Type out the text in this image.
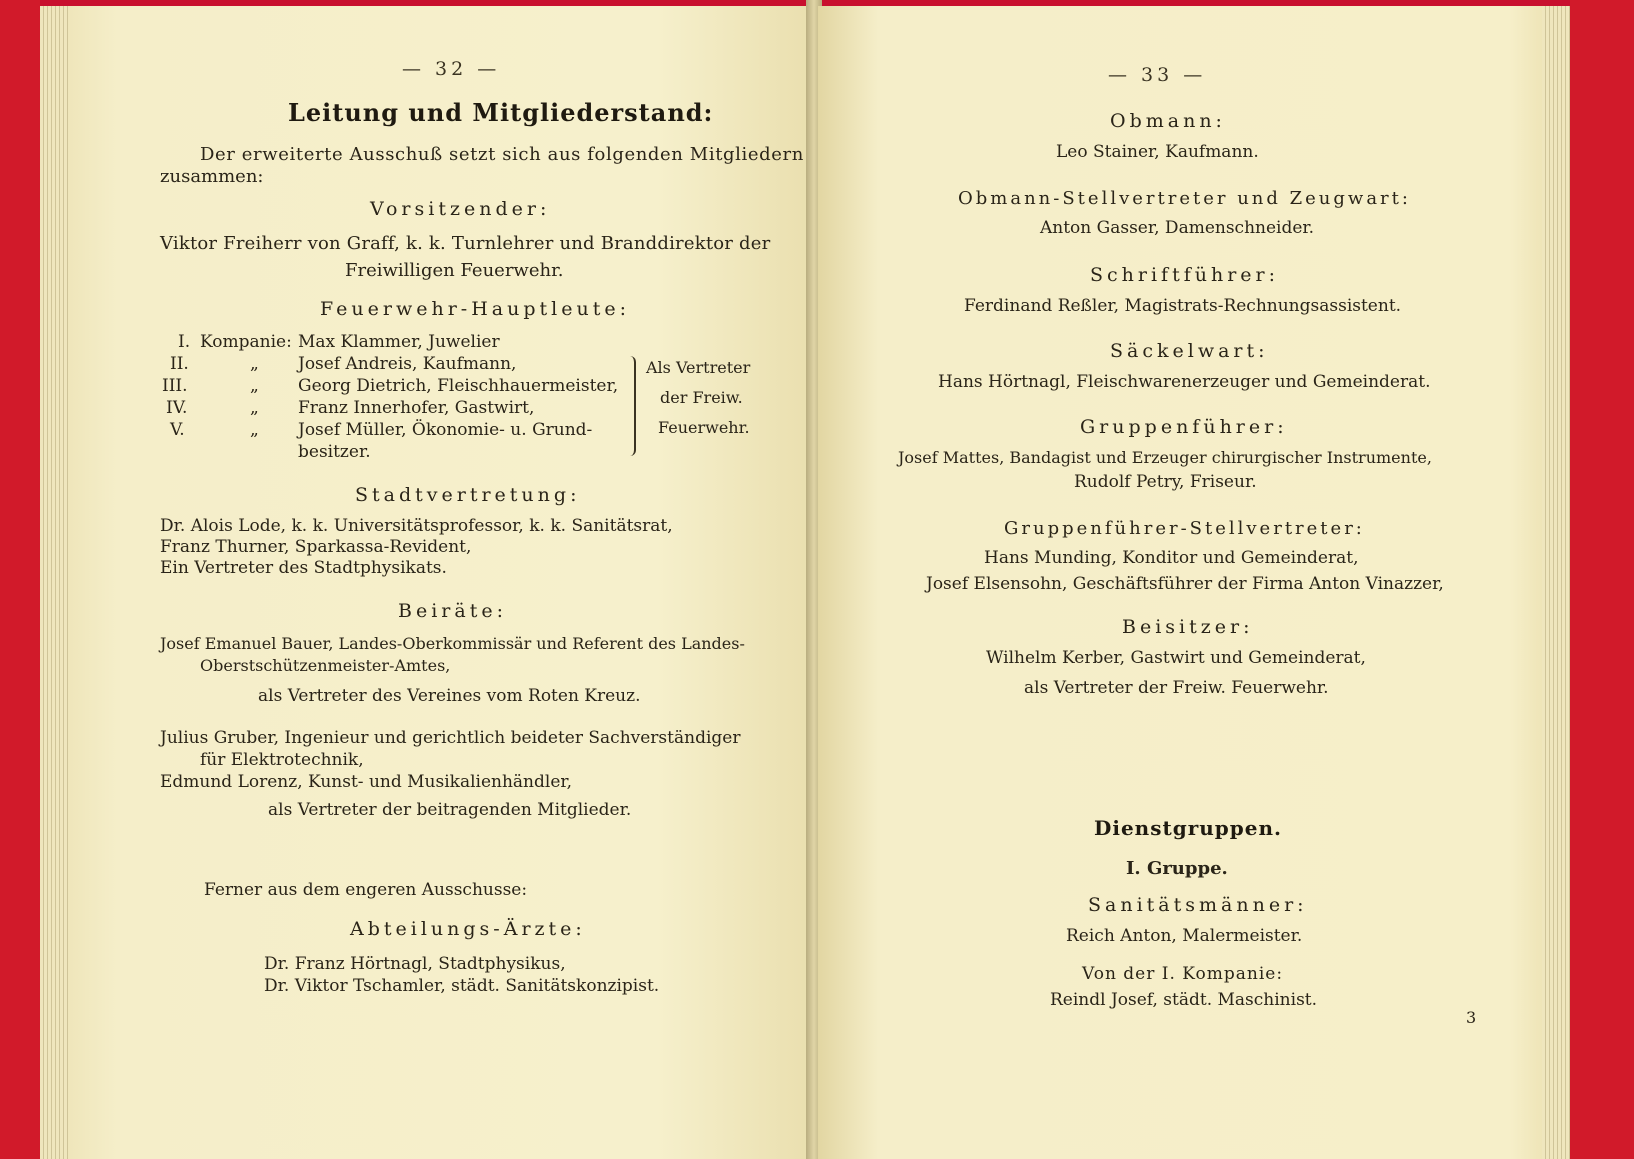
— 32 —
Leitung und Mitgliederstand:
Der erweiterte Ausschuß setzt sich aus folgenden Mitgliedern
zusammen:
Vorsitzender:
Viktor Freiherr von Graff, k. k. Turnlehrer und Branddirektor der
Freiwilligen Feuerwehr.
Feuerwehr-Hauptleute:
I. Kompanie: Max Klammer, Juwelier
II.	„ Josef Andreis, Kaufmann,
III.	„ Georg Dietrich, Fleischhauermeister,
IV.	„ Franz Innerhofer, Gastwirt,
V.	„ Josef Müller, Ökonomie- u. Grund-
besitzer.
Als Vertreter
der Freiw.
Feuerwehr.
Stadtvertretung:
Dr. Alois Lode, k. k. Universitätsprofessor, k. k. Sanitätsrat,
Franz Thurner, Sparkassa-Revident,
Ein Vertreter des Stadtphysikats.
Beiräte:
Josef Emanuel Bauer, Landes-Oberkommissär und Referent des Landes-
Oberstschützenmeister-Amtes,
als Vertreter des Vereines vom Roten Kreuz.
Julius Gruber, Ingenieur und gerichtlich beideter Sachverständiger
für Elektrotechnik,
Edmund Lorenz, Kunst- und Musikalienhändler,
als Vertreter der beitragenden Mitglieder.
Ferner aus dem engeren Ausschusse:
Abteilungs-Ärzte:
Dr. Franz Hörtnagl, Stadtphysikus,
Dr. Viktor Tschamler, städt. Sanitätskonzipist.
— 33 —
Obmann:
Leo Stainer, Kaufmann.
Obmann-Stellvertreter und Zeugwart:
Anton Gasser, Damenschneider.
Schriftführer:
Ferdinand Reßler, Magistrats-Rechnungsassistent.
Säckelwart:
Hans Hörtnagl, Fleischwarenerzeuger und Gemeinderat.
Gruppenführer:
Josef Mattes, Bandagist und Erzeuger chirurgischer Instrumente,
Rudolf Petry, Friseur.
Gruppenführer-Stellvertreter:
Hans Munding, Konditor und Gemeinderat,
Josef Elsensohn, Geschäftsführer der Firma Anton Vinazzer,
Beisitzer:
Wilhelm Kerber, Gastwirt und Gemeinderat,
als Vertreter der Freiw. Feuerwehr.
Dienstgruppen.
I. Gruppe.
Sanitätsmänner:
Reich Anton, Malermeister.
Von der I. Kompanie:
Reindl Josef, städt. Maschinist.
3
